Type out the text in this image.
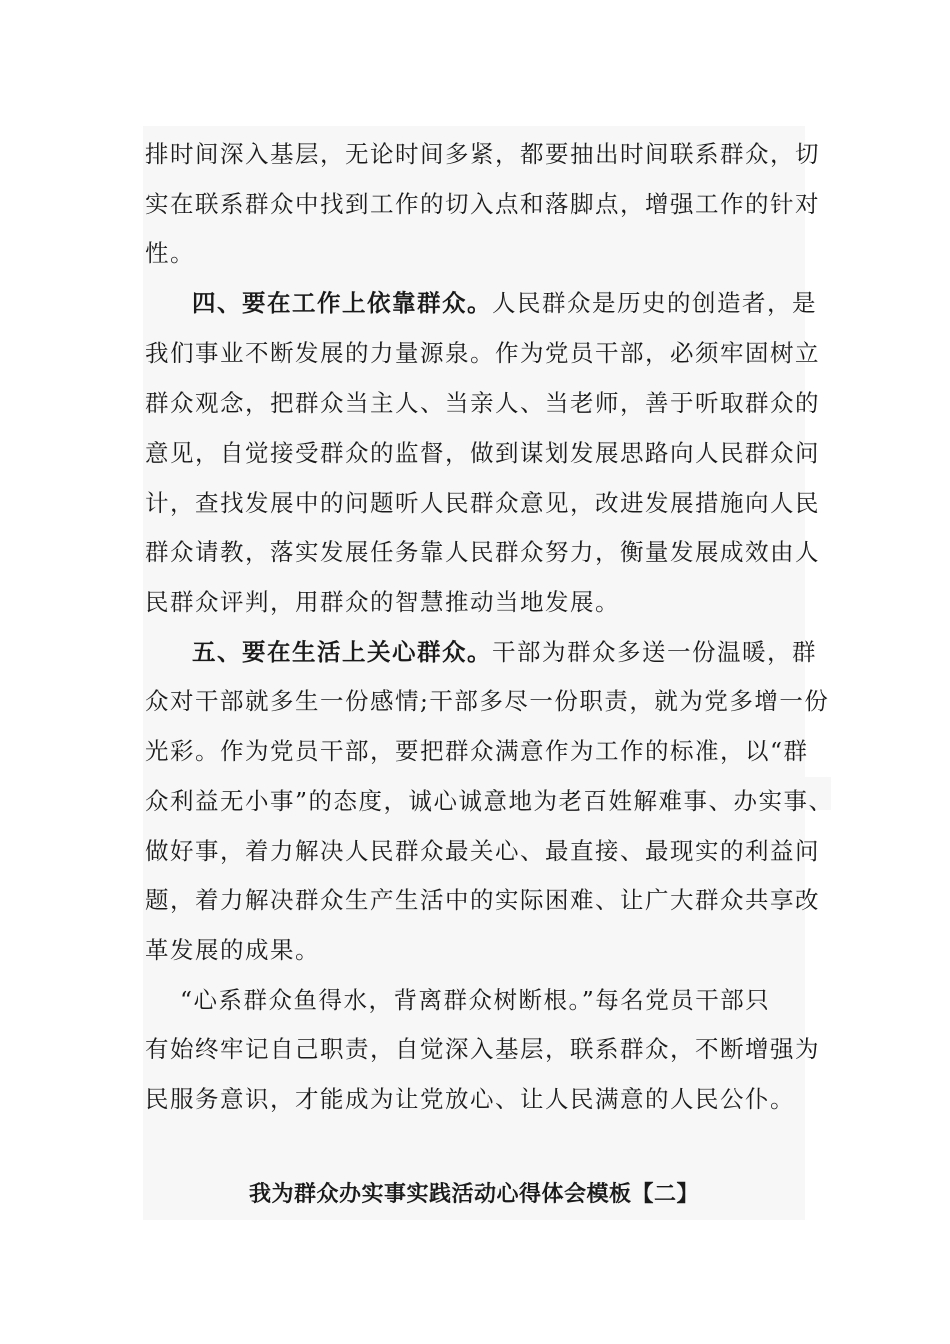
排时间深入基层，无论时间多紧，都要抽出时间联系群众，切
实在联系群众中找到工作的切入点和落脚点，增强工作的针对
性。
四、要在工作上依靠群众。人民群众是历史的创造者，是
我们事业不断发展的力量源泉。作为党员干部，必须牢固树立
群众观念，把群众当主人、当亲人、当老师，善于听取群众的
意见，自觉接受群众的监督，做到谋划发展思路向人民群众问
计，查找发展中的问题听人民群众意见，改进发展措施向人民
群众请教，落实发展任务靠人民群众努力，衡量发展成效由人
民群众评判，用群众的智慧推动当地发展。
五、要在生活上关心群众。干部为群众多送一份温暖，群
众对干部就多生一份感情;干部多尽一份职责，就为党多增一份
光彩。作为党员干部，要把群众满意作为工作的标准，以“群
众利益无小事”的态度，诚心诚意地为老百姓解难事、办实事、
做好事，着力解决人民群众最关心、最直接、最现实的利益问
题，着力解决群众生产生活中的实际困难、让广大群众共享改
革发展的成果。
“心系群众鱼得水，背离群众树断根。”每名党员干部只
有始终牢记自己职责，自觉深入基层，联系群众，不断增强为
民服务意识，才能成为让党放心、让人民满意的人民公仆。
我为群众办实事实践活动心得体会模板【二】
